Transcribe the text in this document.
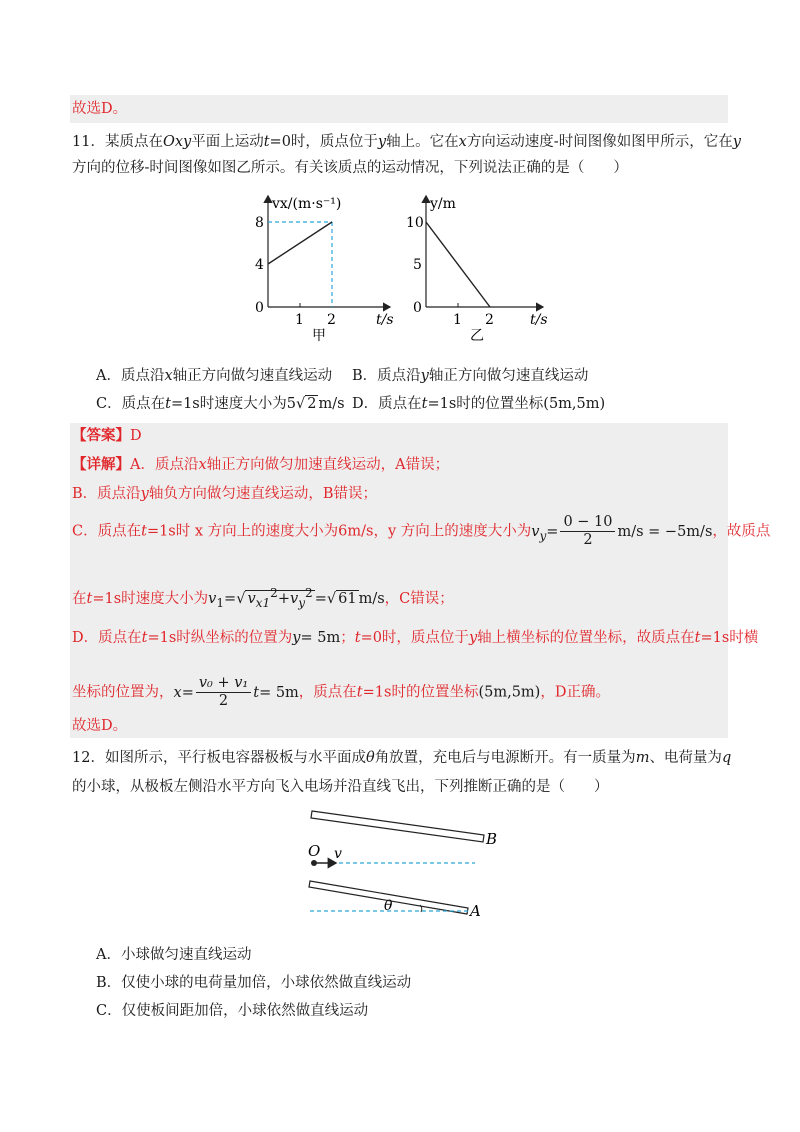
故选D。
11．某质点在Oxy平面上运动t=0时，质点位于y轴上。它在x方向运动速度-时间图像如图甲所示，它在y
方向的位移-时间图像如图乙所示。有关该质点的运动情况，下列说法正确的是（　　）
vx/(m·s⁻¹)
8
4
0
1 2	t/s
甲
y/m
10
5
0
1 2	t/s
乙
A．质点沿x轴正方向做匀速直线运动 B．质点沿y轴正方向做匀速直线运动
C．质点在t=1s时速度大小为5√ 2 m/s D．质点在t=1s时的位置坐标(5m,5m)
【答案】D
【详解】A．质点沿x轴正方向做匀加速直线运动，A错误；
B．质点沿y轴负方向做匀速直线运动，B错误；
C．质点在t=1s时 x 方向上的速度大小为6m/s，y 方向上的速度大小为$v_y= \frac{0 - 10}{2} m/s = -5m/s$，故质点
在t=1s时速度大小为$v_1=√$ $v_{x1}^2+v_y^2$ =√ 61 m/s，C错误；
D．质点在t=1s时纵坐标的位置为y= 5m；t=0时，质点位于y轴上横坐标的位置坐标，故质点在t=1s时横
坐标的位置为，$x= \frac{\text{v₀ + v₁}}{2} t= 5m$，质点在t=1s时的位置坐标(5m,5m)，D正确。
故选D。
12．如图所示，平行板电容器极板与水平面成θ角放置，充电后与电源断开。有一质量为m、电荷量为q
的小球，从极板左侧沿水平方向飞入电场并沿直线飞出，下列推断正确的是（　　）
O v
B
A
θ
A．小球做匀速直线运动
B．仅使小球的电荷量加倍，小球依然做直线运动
C．仅使板间距加倍，小球依然做直线运动
